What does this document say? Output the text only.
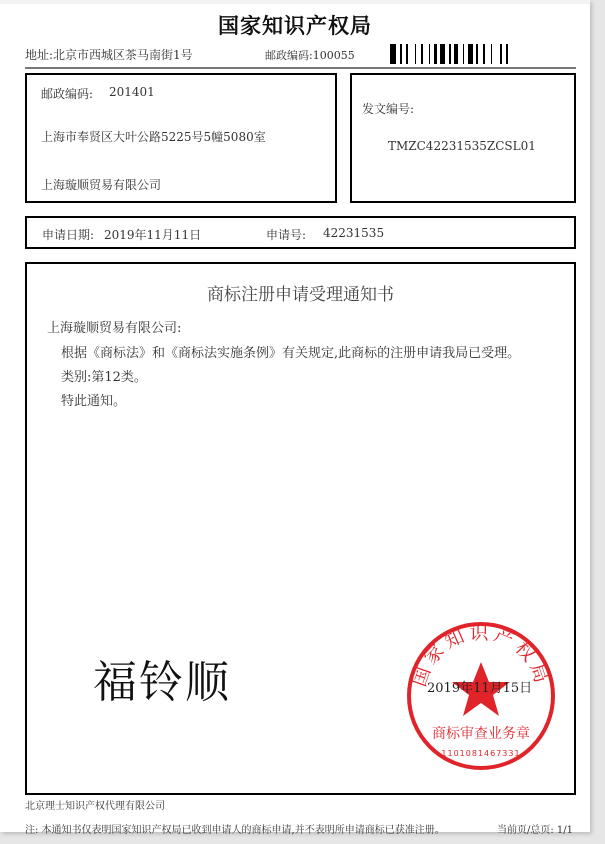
国家知识产权局
地址:北京市西城区茶马南街1号	邮政编码:100055
邮政编码: 201401
上海市奉贤区大叶公路5225号5幢5080室
上海璇顺贸易有限公司
发文编号:
TMZC42231535ZCSL01
申请日期: 2019年11月11日	申请号: 42231535
商标注册申请受理通知书
上海璇顺贸易有限公司:
根据《商标法》和《商标法实施条例》有关规定,此商标的注册申请我局已受理。
类别:第12类。
特此通知。
福铃顺	国家知识产权局
商标审查业务章
1101081467331
2019年11月15日
北京理士知识产权代理有限公司
注: 本通知书仅表明国家知识产权局已收到申请人的商标申请,并不表明所申请商标已获准注册。	当前页/总页: 1/1
